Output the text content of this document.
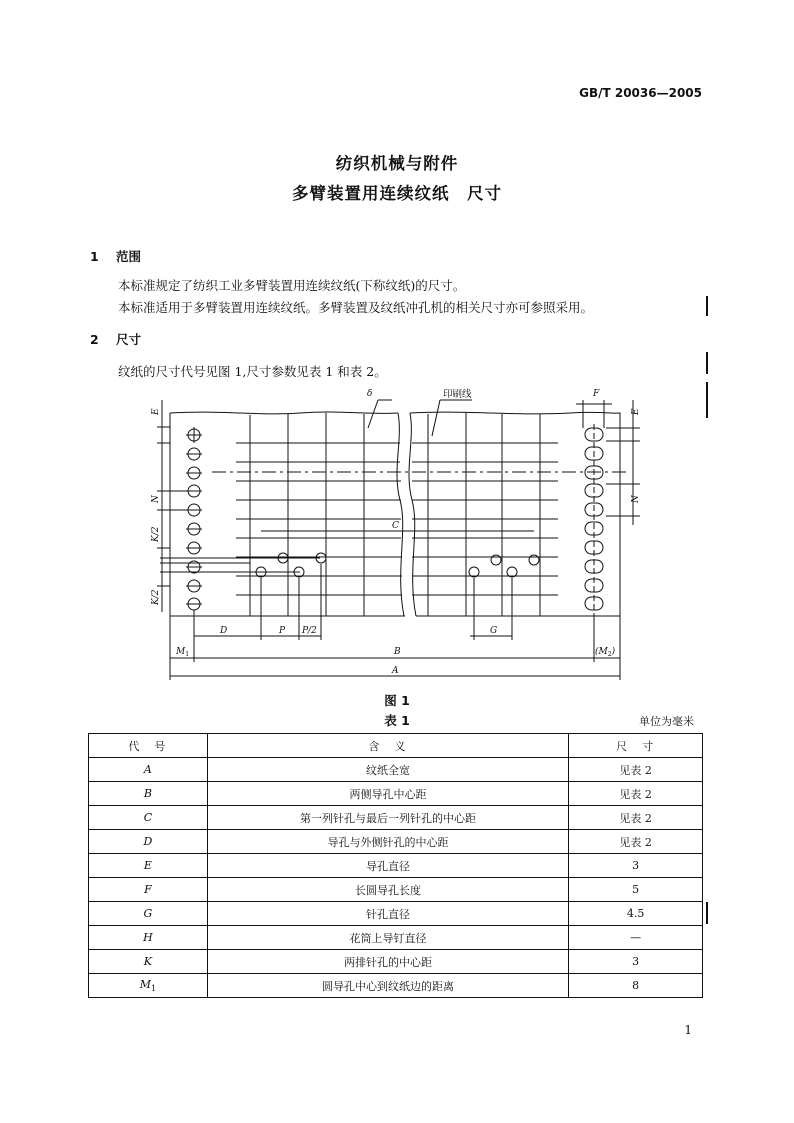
GB/T 20036—2005
纺织机械与附件
多臂装置用连续纹纸　尺寸
1 范围
本标准规定了纺织工业多臂装置用连续纹纸(下称纹纸)的尺寸。
本标准适用于多臂装置用连续纹纸。多臂装置及纹纸冲孔机的相关尺寸亦可参照采用。
2 尺寸
纹纸的尺寸代号见图 1,尺寸参数见表 1 和表 2。
δ	印刷线	F
E	E
N	N
K/2
K/2
C
D	P P/2	G
$M_1$	B	$(M_2)$
A
图 1
表 1	单位为毫米
代　号	含　义	尺　寸
A	纹纸全宽	见表 2
B	两侧导孔中心距	见表 2
C	第一列针孔与最后一列针孔的中心距	见表 2
D	导孔与外侧针孔的中心距	见表 2
E	导孔直径	3
F	长圆导孔长度	5
G	针孔直径	4.5
H	花筒上导钉直径	—
K	两排针孔的中心距	3
$M_1$	圆导孔中心到纹纸边的距离	8
1
